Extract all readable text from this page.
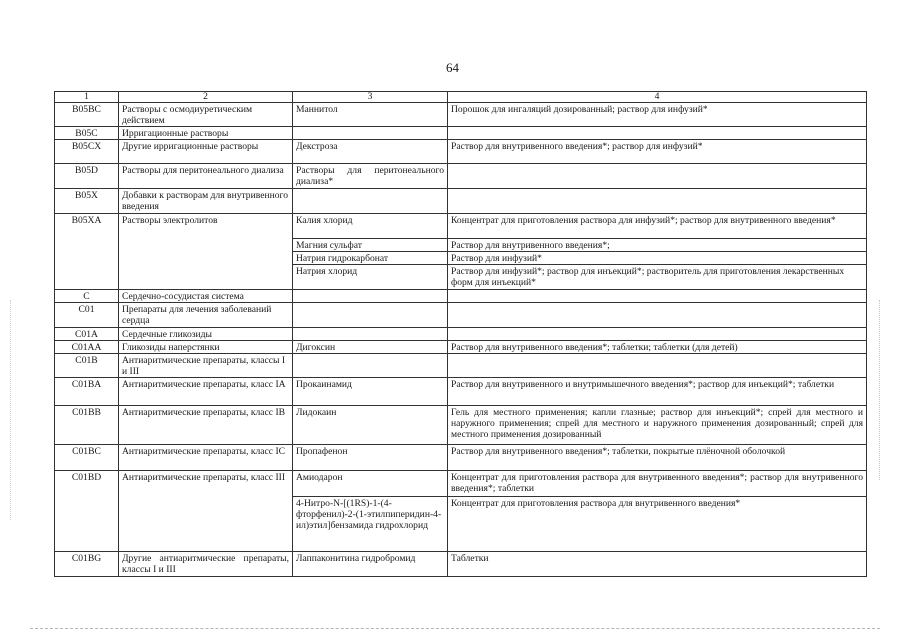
64
1	2	3	4
B05BC	Растворы с осмодиуретическим действием	Маннитол	Порошок для ингаляций дозированный; раствор для инфузий*
B05C	Ирригационные растворы		
B05CX	Другие ирригационные растворы	Декстроза	Раствор для внутривенного введения*; раствор для инфузий*
B05D	Растворы для перитонеального диализа	Растворы для перитонеального диализа*	
B05X	Добавки к растворам для внутривенного введения		
B05XA	Растворы электролитов	Калия хлорид	Концентрат для приготовления раствора для инфузий*; раствор для внутривенного введения*
		Магния сульфат	Раствор для внутривенного введения*;
		Натрия гидрокарбонат	Раствор для инфузий*
		Натрия хлорид	Раствор для инфузий*; раствор для инъекций*; растворитель для приготовления лекарственных форм для инъекций*
C	Сердечно-сосудистая система		
C01	Препараты для лечения заболеваний сердца		
C01A	Сердечные гликозиды		
C01AA	Гликозиды наперстянки	Дигоксин	Раствор для внутривенного введения*; таблетки; таблетки (для детей)
C01B	Антиаритмические препараты, классы I и III		
C01BA	Антиаритмические препараты, класс IA	Прокаинамид	Раствор для внутривенного и внутримышечного введения*; раствор для инъекций*; таблетки
C01BB	Антиаритмические препараты, класс IB	Лидокаин	Гель для местного применения; капли глазные; раствор для инъекций*; спрей для местного и наружного применения; спрей для местного и наружного применения дозированный; спрей для местного применения дозированный
C01BC	Антиаритмические препараты, класс IC	Пропафенон	Раствор для внутривенного введения*; таблетки, покрытые плёночной оболочкой
C01BD	Антиаритмические препараты, класс III	Амиодарон	Концентрат для приготовления раствора для внутривенного введения*; раствор для внутривенного введения*; таблетки
		4-Нитро-N-[(1RS)-1-(4-фторфенил)-2-(1-этилпиперидин-4-ил)этил]бензамида гидрохлорид	Концентрат для приготовления раствора для внутривенного введения*
C01BG	Другие антиаритмические препараты, классы I и III	Лаппаконитина гидробромид	Таблетки
